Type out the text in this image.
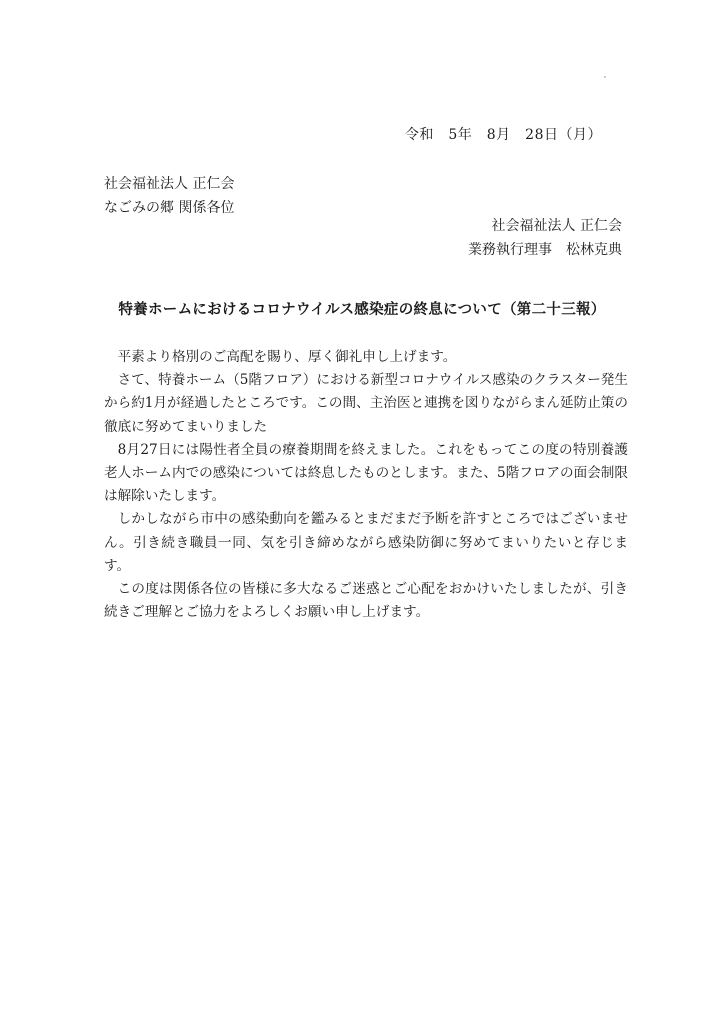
令和　5年　8月　28日（月）
社会福祉法人 正仁会
なごみの郷 関係各位
社会福祉法人 正仁会
業務執行理事　松林克典
特養ホームにおけるコロナウイルス感染症の終息について（第二十三報）

平素より格別のご高配を賜り、厚く御礼申し上げます。

さて、特養ホーム（5階フロア）における新型コロナウイルス感染のクラスター発生から約1月が経過したところです。この間、主治医と連携を図りながらまん延防止策の徹底に努めてまいりました

8月27日には陽性者全員の療養期間を終えました。これをもってこの度の特別養護老人ホーム内での感染については終息したものとします。また、5階フロアの面会制限は解除いたします。

しかしながら市中の感染動向を鑑みるとまだまだ予断を許すところではございません。引き続き職員一同、気を引き締めながら感染防御に努めてまいりたいと存じます。

この度は関係各位の皆様に多大なるご迷惑とご心配をおかけいたしましたが、引き続きご理解とご協力をよろしくお願い申し上げます。
